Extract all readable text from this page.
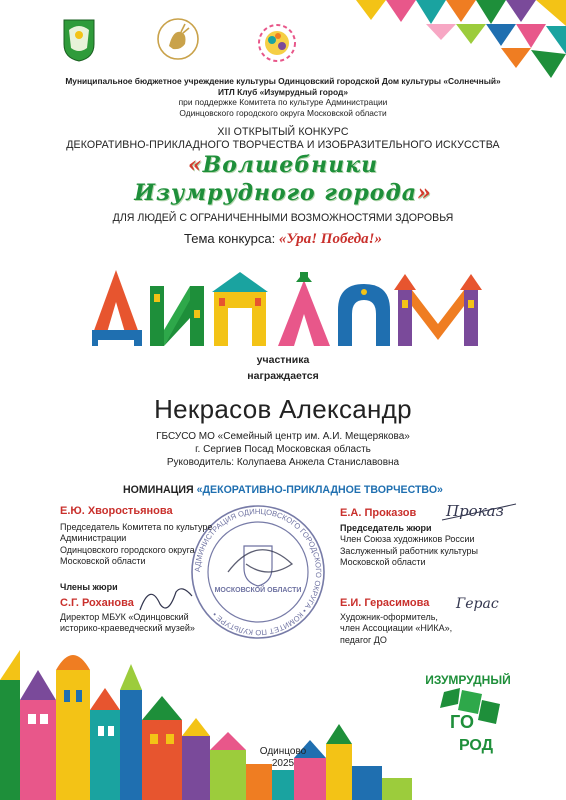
Муниципальное бюджетное учреждение культуры Одинцовский городской Дом культуры «Солнечный»
ИТЛ Клуб «Изумрудный город»
при поддержке Комитета по культуре Администрации
Одинцовского городского округа Московской области
XII ОТКРЫТЫЙ КОНКУРС
ДЕКОРАТИВНО-ПРИКЛАДНОГО ТВОРЧЕСТВА И ИЗОБРАЗИТЕЛЬНОГО ИСКУССТВА
«Волшебники
Изумрудного города»
ДЛЯ ЛЮДЕЙ С ОГРАНИЧЕННЫМИ ВОЗМОЖНОСТЯМИ ЗДОРОВЬЯ
Тема конкурса: «Ура! Победа!»
участника
награждается
Некрасов Александр
ГБСУСО МО «Семейный центр им. А.И. Мещерякова»
г. Сергиев Посад Московская область
Руководитель: Колупаева Анжела Станиславовна
НОМИНАЦИЯ «ДЕКОРАТИВНО-ПРИКЛАДНОЕ ТВОРЧЕСТВО»
АДМИНИСТРАЦИЯ ОДИНЦОВСКОГО ГОРОДСКОГО ОКРУГА • КОМИТЕТ ПО КУЛЬТУРЕ •
МОСКОВСКОЙ ОБЛАСТИ
Е.Ю. Хворостьянова
Председатель Комитета по культуре
Администрации
Одинцовского городского округа
Московской области
Е.А. Проказов
Председатель жюри
Член Союза художников России
Заслуженный работник культуры
Московской области
Проказ
Члены жюри
С.Г. Роханова
Директор МБУК «Одинцовский
историко-краеведческий музей»
Е.И. Герасимова
Художник-оформитель,
член Ассоциации «НИКА»,
педагог ДО
Герас
Одинцово
2025
ИЗУМРУДНЫЙ
ГО
РОД
